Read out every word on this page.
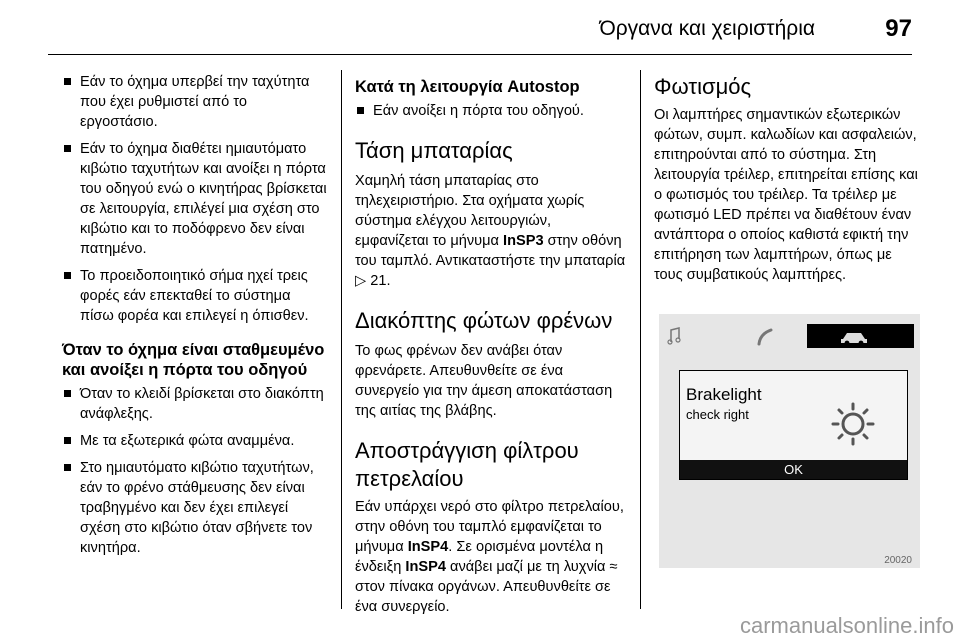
Όργανα και χειριστήρια	97

Εάν το όχημα υπερβεί την ταχύτητα που έχει ρυθμιστεί από το εργοστάσιο.

Εάν το όχημα διαθέτει ημιαυτόματο κιβώτιο ταχυτήτων και ανοίξει η πόρτα του οδηγού ενώ ο κινητήρας βρίσκεται σε λειτουργία, επιλέγεί μια σχέση στο κιβώτιο και το ποδόφρενο δεν είναι πατημένο.

Το προειδοποιητικό σήμα ηχεί τρεις φορές εάν επεκταθεί το σύστημα πίσω φορέα και επιλεγεί η όπισθεν.

Όταν το όχημα είναι σταθμευμένο και ανοίξει η πόρτα του οδηγού

Όταν το κλειδί βρίσκεται στο διακόπτη ανάφλεξης.

Με τα εξωτερικά φώτα αναμμένα.

Στο ημιαυτόματο κιβώτιο ταχυτήτων, εάν το φρένο στάθμευσης δεν είναι τραβηγμένο και δεν έχει επιλεγεί σχέση στο κιβώτιο όταν σβήνετε τον κινητήρα.

Κατά τη λειτουργία Autostop

Εάν ανοίξει η πόρτα του οδηγού.

Τάση μπαταρίας

Χαμηλή τάση μπαταρίας στο τηλεχειριστήριο. Στα οχήματα χωρίς σύστημα ελέγχου λειτουργιών, εμφανίζεται το μήνυμα InSP3 στην οθόνη του ταμπλό. Αντικαταστήστε την μπαταρία ▷ 21.

Διακόπτης φώτων φρένων

Το φως φρένων δεν ανάβει όταν φρενάρετε. Απευθυνθείτε σε ένα συνεργείο για την άμεση αποκατάσταση της αιτίας της βλάβης.

Αποστράγγιση φίλτρου
πετρελαίου

Εάν υπάρχει νερό στο φίλτρο πετρελαίου, στην οθόνη του ταμπλό εμφανίζεται το μήνυμα InSP4. Σε ορισμένα μοντέλα η ένδειξη InSP4 ανάβει μαζί με τη λυχνία ≈ στον πίνακα οργάνων. Απευθυνθείτε σε ένα συνεργείο.

Φωτισμός

Οι λαμπτήρες σημαντικών εξωτερικών φώτων, συμπ. καλωδίων και ασφαλειών, επιτηρούνται από το σύστημα. Στη λειτουργία τρέιλερ, επιτηρείται επίσης και ο φωτισμός του τρέιλερ. Τα τρέιλερ με φωτισμό LED πρέπει να διαθέτουν έναν αντάπτορα ο οποίος καθιστά εφικτή την επιτήρηση των λαμπτήρων, όπως με τους συμβατικούς λαμπτήρες.

Brakelight
check right
OK
20020
carmanualsonline.info
